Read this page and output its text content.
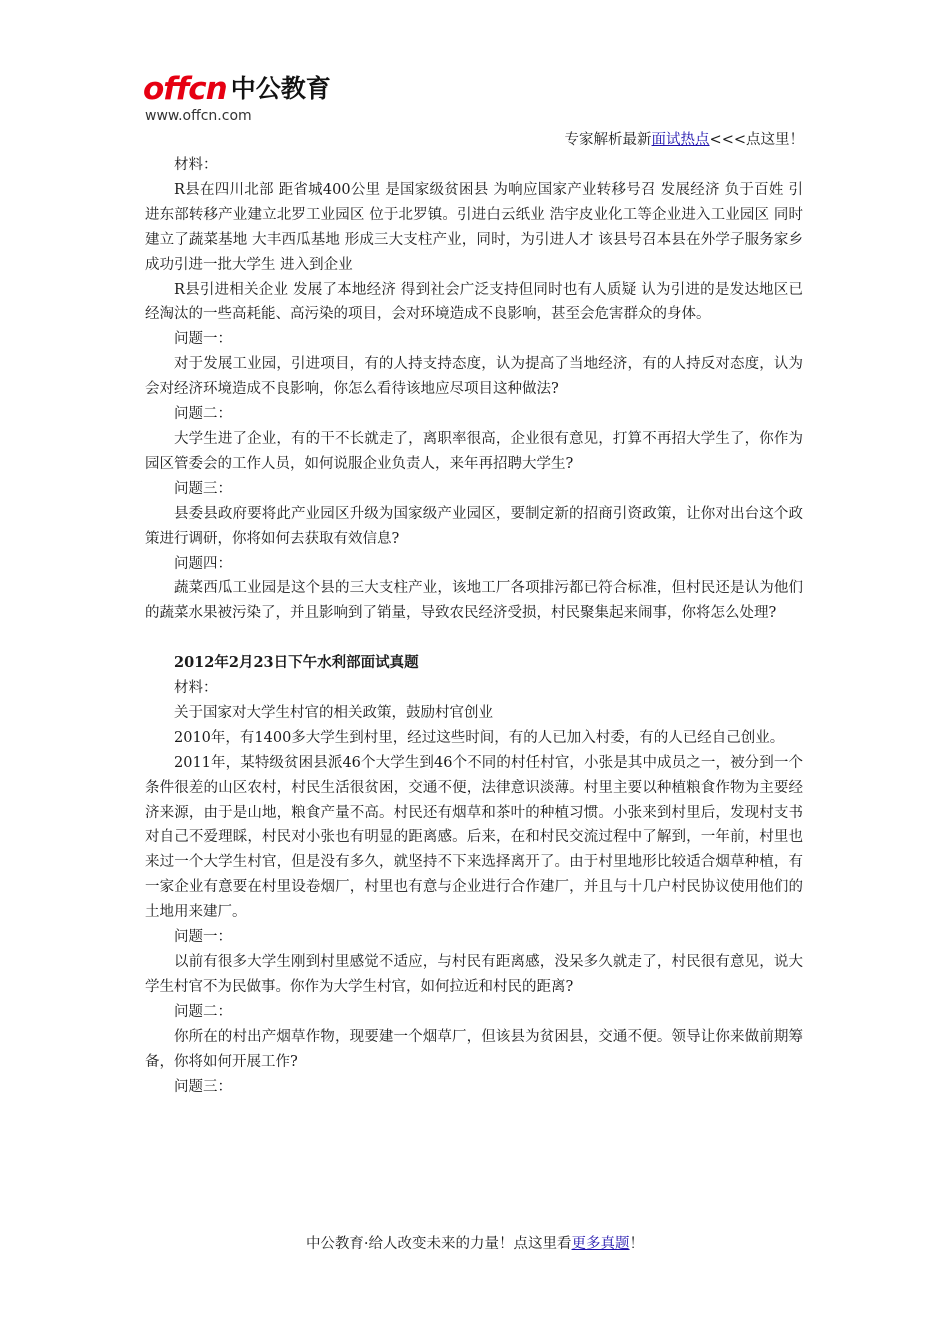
offcn 中公教育
www.offcn.com
专家解析最新面试热点<<<点这里！

材料：

R县在四川北部 距省城400公里 是国家级贫困县 为响应国家产业转移号召 发展经济 负于百姓 引进东部转移产业建立北罗工业园区 位于北罗镇。引进白云纸业 浩宇皮业化工等企业进入工业园区 同时建立了蔬菜基地 大丰西瓜基地 形成三大支柱产业，同时，为引进人才 该县号召本县在外学子服务家乡成功引进一批大学生 进入到企业

R县引进相关企业 发展了本地经济 得到社会广泛支持但同时也有人质疑 认为引进的是发达地区已经淘汰的一些高耗能、高污染的项目，会对环境造成不良影响，甚至会危害群众的身体。

问题一：

对于发展工业园，引进项目，有的人持支持态度，认为提高了当地经济，有的人持反对态度，认为会对经济环境造成不良影响，你怎么看待该地应尽项目这种做法?

问题二：

大学生进了企业，有的干不长就走了，离职率很高，企业很有意见，打算不再招大学生了，你作为园区管委会的工作人员，如何说服企业负责人，来年再招聘大学生?

问题三：

县委县政府要将此产业园区升级为国家级产业园区，要制定新的招商引资政策，让你对出台这个政策进行调研，你将如何去获取有效信息?

问题四：

蔬菜西瓜工业园是这个县的三大支柱产业，该地工厂各项排污都已符合标准，但村民还是认为他们的蔬菜水果被污染了，并且影响到了销量，导致农民经济受损，村民聚集起来闹事，你将怎么处理?

2012年2月23日下午水利部面试真题

材料：

关于国家对大学生村官的相关政策，鼓励村官创业

2010年，有1400多大学生到村里，经过这些时间，有的人已加入村委，有的人已经自己创业。

2011年，某特级贫困县派46个大学生到46个不同的村任村官，小张是其中成员之一，被分到一个条件很差的山区农村，村民生活很贫困，交通不便，法律意识淡薄。村里主要以种植粮食作物为主要经济来源，由于是山地，粮食产量不高。村民还有烟草和茶叶的种植习惯。小张来到村里后，发现村支书对自己不爱理睬，村民对小张也有明显的距离感。后来，在和村民交流过程中了解到，一年前，村里也来过一个大学生村官，但是没有多久，就坚持不下来选择离开了。由于村里地形比较适合烟草种植，有一家企业有意要在村里设卷烟厂，村里也有意与企业进行合作建厂，并且与十几户村民协议使用他们的土地用来建厂。

问题一：

以前有很多大学生刚到村里感觉不适应，与村民有距离感，没呆多久就走了，村民很有意见，说大学生村官不为民做事。你作为大学生村官，如何拉近和村民的距离?

问题二：

你所在的村出产烟草作物，现要建一个烟草厂，但该县为贫困县，交通不便。领导让你来做前期筹备，你将如何开展工作?

问题三：

中公教育·给人改变未来的力量！点这里看更多真题！
